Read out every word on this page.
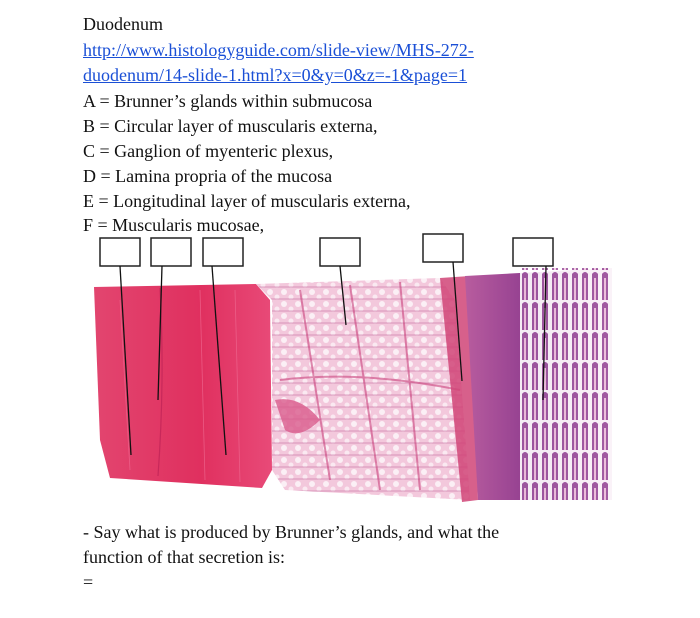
Duodenum
http://www.histologyguide.com/slide-view/MHS-272-
duodenum/14-slide-1.html?x=0&y=0&z=-1&page=1
A = Brunner’s glands within submucosa
B = Circular layer of muscularis externa,
C = Ganglion of myenteric plexus,
D = Lamina propria of the mucosa
E = Longitudinal layer of muscularis externa,
F = Muscularis mucosae,
- Say what is produced by Brunner’s glands, and what the
function of that secretion is:
=
